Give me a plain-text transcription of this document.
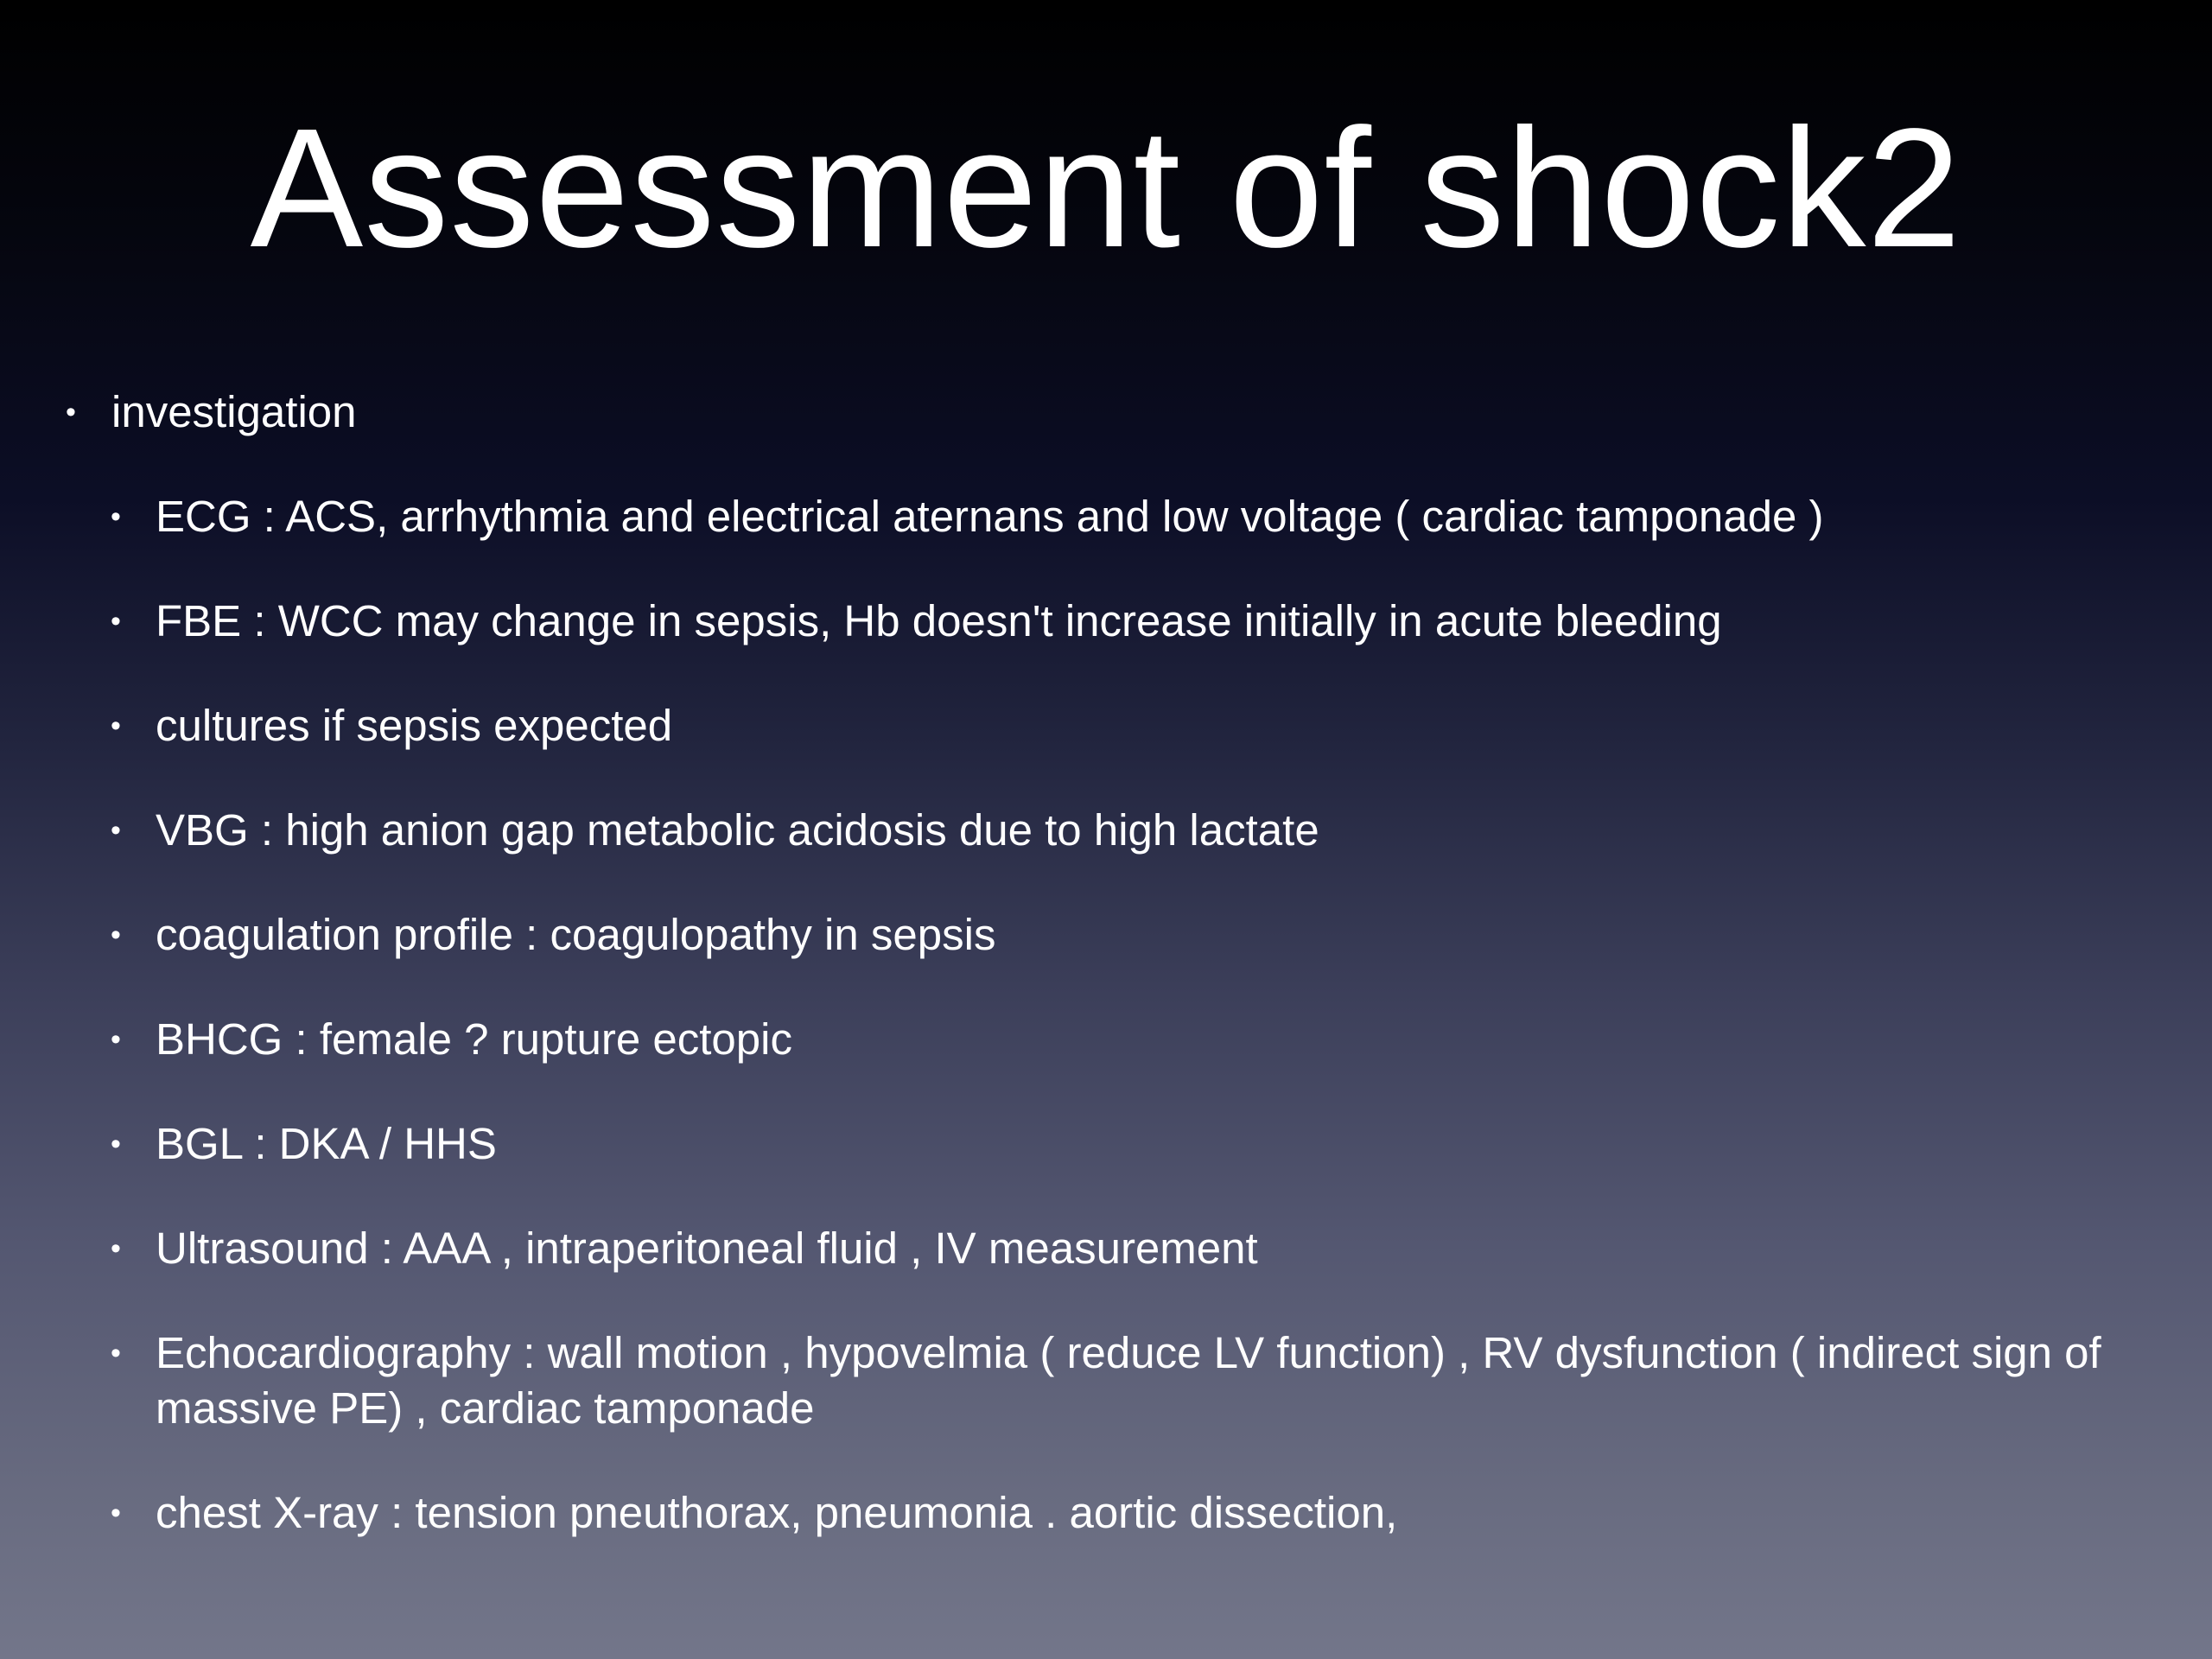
Assessment of shock2
• investigation
• ECG : ACS, arrhythmia and electrical aternans and low voltage ( cardiac tamponade )
• FBE : WCC may change in sepsis, Hb doesn't increase initially in acute bleeding
• cultures if sepsis expected
• VBG : high anion gap metabolic acidosis due to high lactate
• coagulation profile : coagulopathy in sepsis
• BHCG : female ? rupture ectopic
• BGL : DKA / HHS
• Ultrasound : AAA , intraperitoneal fluid , IV measurement
• Echocardiography : wall motion , hypovelmia ( reduce LV function) , RV dysfunction ( indirect sign of massive PE) , cardiac tamponade
• chest X-ray : tension pneuthorax, pneumonia . aortic dissection,
